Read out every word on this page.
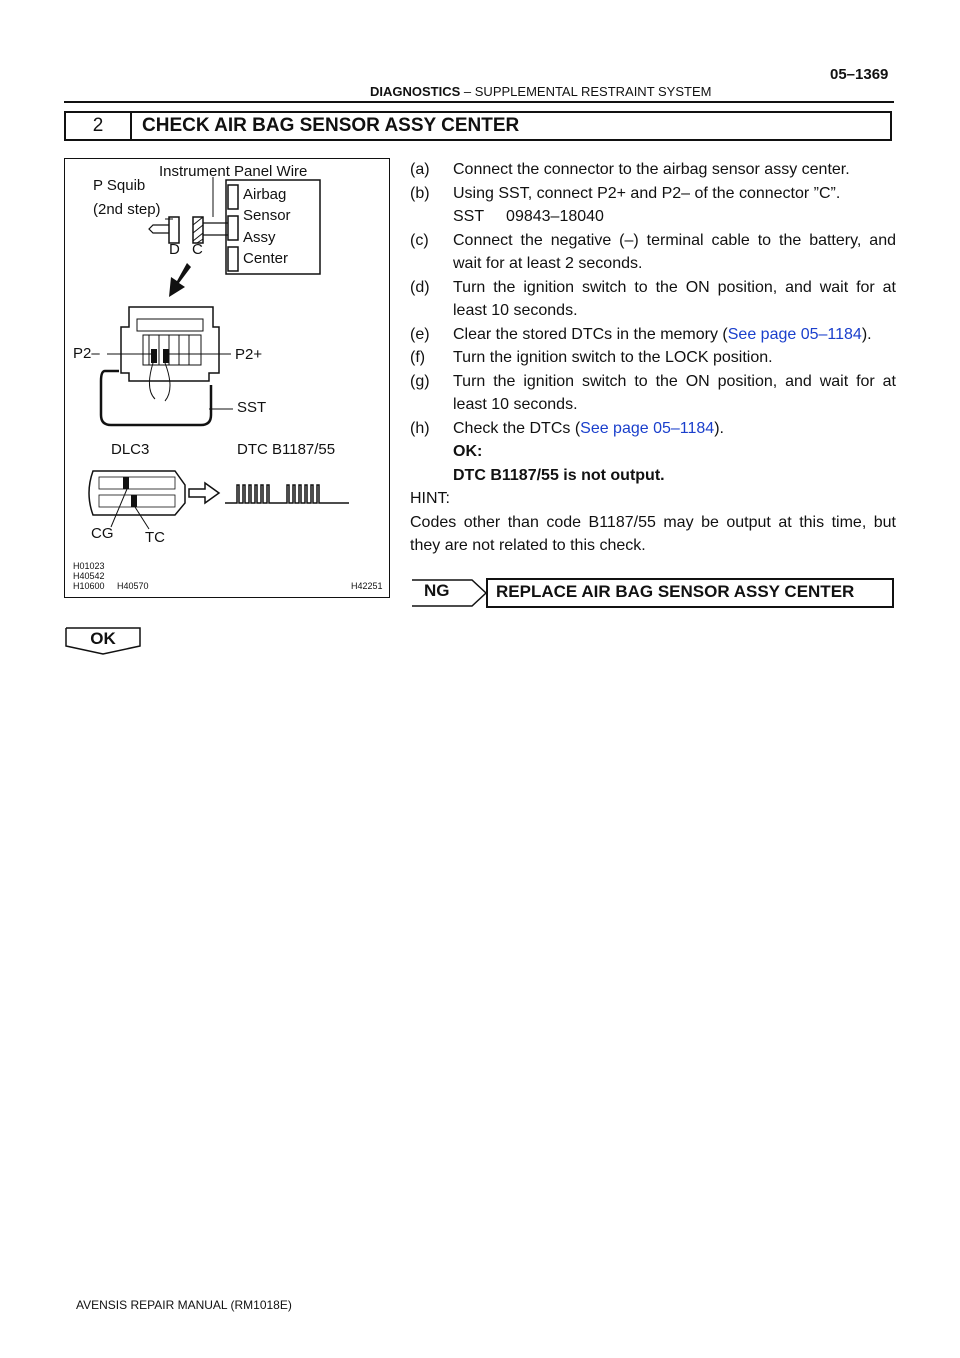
05–1369
DIAGNOSTICS – SUPPLEMENTAL RESTRAINT SYSTEM
2	CHECK AIR BAG SENSOR ASSY CENTER
Instrument Panel Wire
P Squib
(2nd step)
Airbag
Sensor
Assy
Center
D C
P2–	P2+
SST
DLC3	DTC B1187/55
CG TC
H01023
H40542
H10600 H40570	H42251
(a)	Connect the connector to the airbag sensor assy center.
(b)	Using SST, connect P2+ and P2– of the connector ”C”.
SST     09843–18040
(c)	Connect the negative (–) terminal cable to the battery, and wait for at least 2 seconds.
(d)	Turn the ignition switch to the ON position, and wait for at least 10 seconds.
(e)	Clear the stored DTCs in the memory (See page 05–1184).
(f)	Turn the ignition switch to the LOCK position.
(g)	Turn the ignition switch to the ON position, and wait for at least 10 seconds.
(h)	Check the DTCs (See page 05–1184).
OK:
DTC B1187/55 is not output.
HINT:
Codes other than code B1187/55 may be output at this time, but they are not related to this check.
NG	REPLACE AIR BAG SENSOR ASSY CENTER
OK
AVENSIS REPAIR MANUAL (RM1018E)
